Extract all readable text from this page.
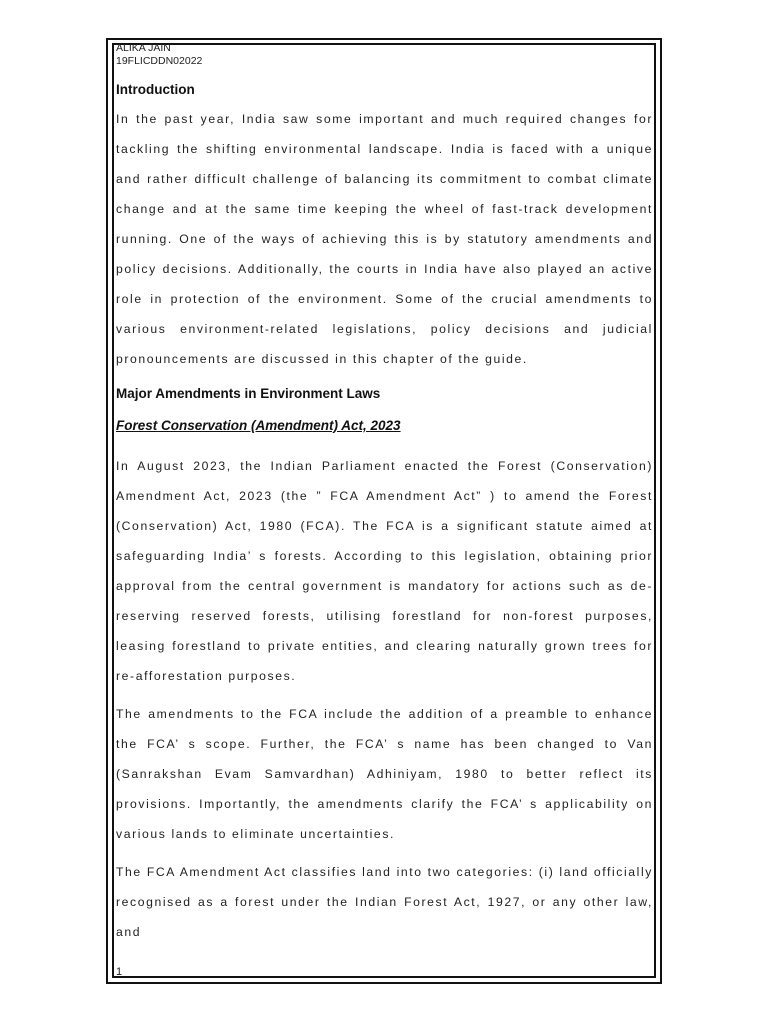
ALIKA JAIN
19FLICDDN02022
Introduction

In the past year, India saw some important and much required changes for tackling the shifting environmental landscape. India is faced with a unique and rather difficult challenge of balancing its commitment to combat climate change and at the same time keeping the wheel of fast-track development running. One of the ways of achieving this is by statutory amendments and policy decisions. Additionally, the courts in India have also played an active role in protection of the environment. Some of the crucial amendments to various environment-related legislations, policy decisions and judicial pronouncements are discussed in this chapter of the guide.

Major Amendments in Environment Laws
Forest Conservation (Amendment) Act, 2023

In August 2023, the Indian Parliament enacted the Forest (Conservation) Amendment Act, 2023 (the ” FCA Amendment Act” ) to amend the Forest (Conservation) Act, 1980 (FCA). The FCA is a significant statute aimed at safeguarding India’ s forests. According to this legislation, obtaining prior approval from the central government is mandatory for actions such as de-reserving reserved forests, utilising forestland for non-forest purposes, leasing forestland to private entities, and clearing naturally grown trees for re-afforestation purposes.

The amendments to the FCA include the addition of a preamble to enhance the FCA’ s scope. Further, the FCA’ s name has been changed to Van (Sanrakshan Evam Samvardhan) Adhiniyam, 1980 to better reflect its provisions. Importantly, the amendments clarify the FCA’ s applicability on various lands to eliminate uncertainties.

The FCA Amendment Act classifies land into two categories: (i) land officially recognised as a forest under the Indian Forest Act, 1927, or any other law, and

1
